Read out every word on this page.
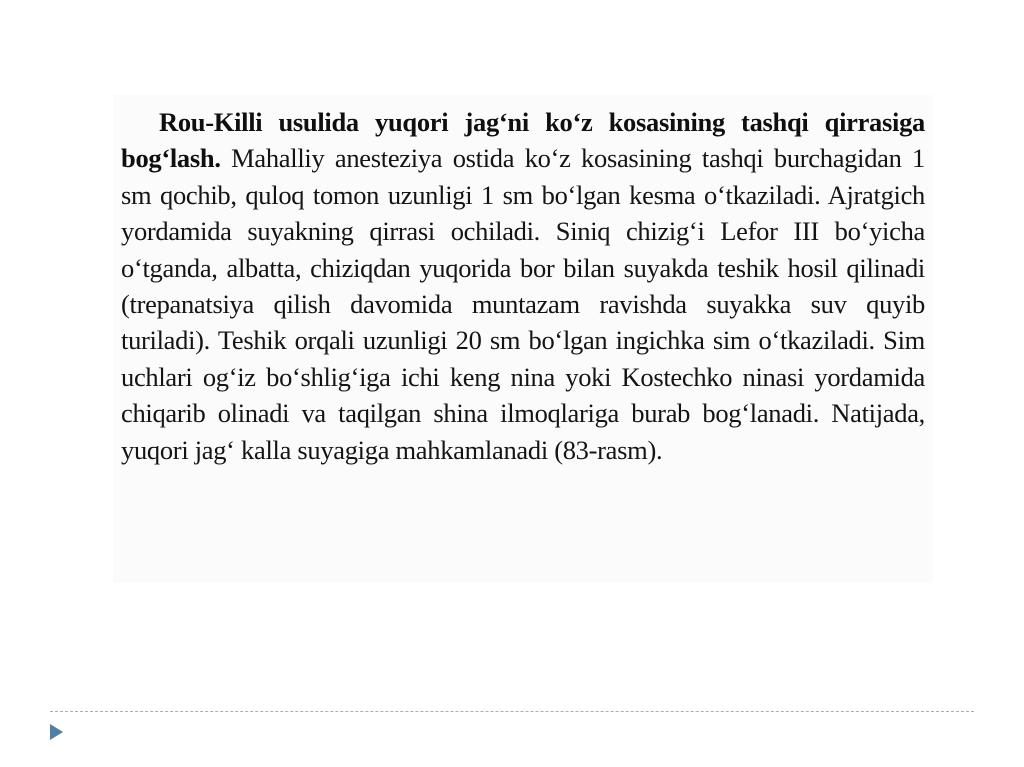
Rou-Killi usulida yuqori jag‘ni ko‘z kosasining tashqi qirrasiga bog‘lash. Mahalliy anesteziya ostida ko‘z kosasining tashqi burchagidan 1 sm qochib, quloq tomon uzunligi 1 sm bo‘lgan kesma o‘tkaziladi. Ajratgich yordamida suyakning qirrasi ochiladi. Siniq chizig‘i Lefor III bo‘yicha o‘tganda, albatta, chiziqdan yuqorida bor bilan suyakda teshik hosil qilinadi (trepanatsiya qilish davomida muntazam ravishda suyakka suv quyib turiladi). Teshik orqali uzunligi 20 sm bo‘lgan ingichka sim o‘tkaziladi. Sim uchlari og‘iz bo‘shlig‘iga ichi keng nina yoki Kostechko ninasi yordamida chiqarib olinadi va taqilgan shina ilmoqlariga burab bog‘lanadi. Natijada, yuqori jag‘ kalla suyagiga mahkamlanadi (83-rasm).
